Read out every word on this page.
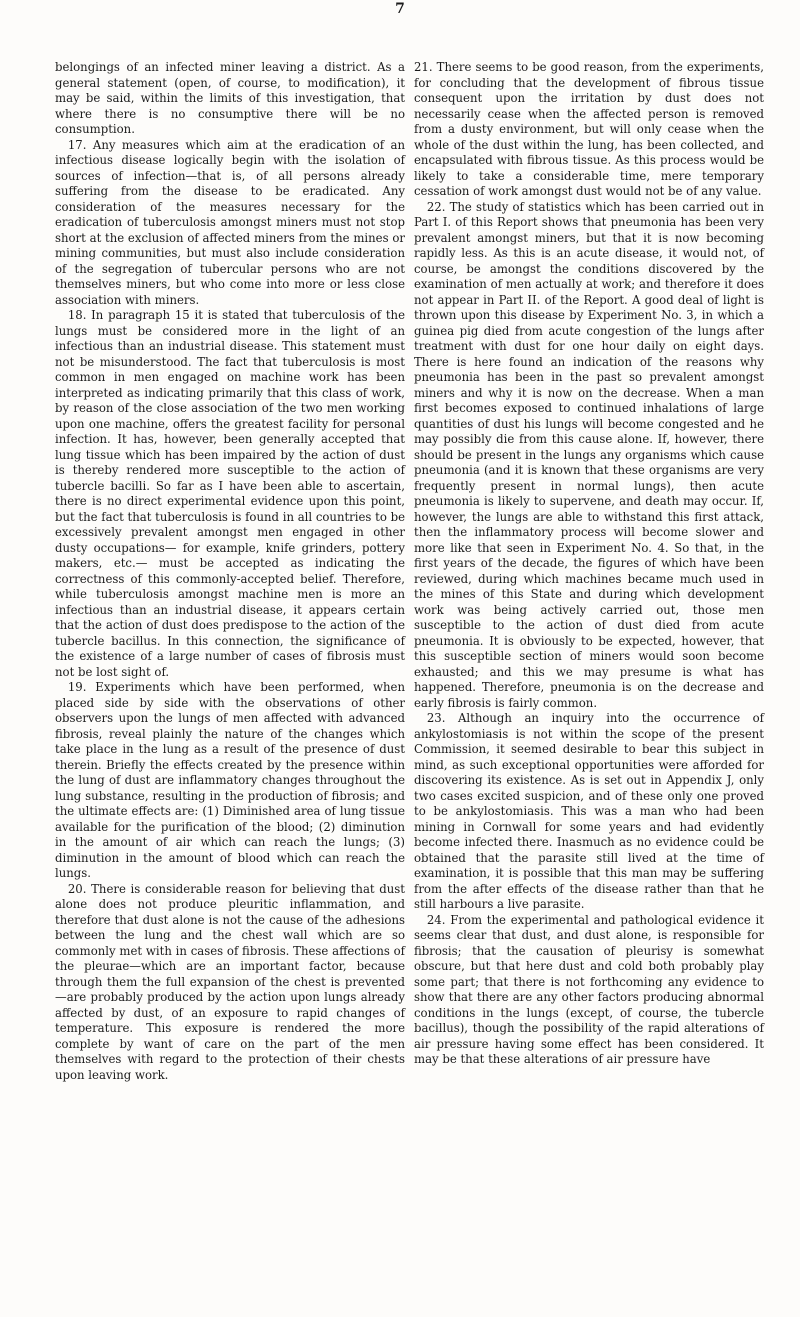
7

belongings of an infected miner leaving a district. As a general statement (open, of course, to modification), it may be said, within the limits of this investigation, that where there is no consumptive there will be no consumption.

17. Any measures which aim at the eradication of an infectious disease logically begin with the isolation of sources of infection—that is, of all persons already suffering from the disease to be eradicated. Any consideration of the measures necessary for the eradication of tuberculosis amongst miners must not stop short at the exclusion of affected miners from the mines or mining communities, but must also include consideration of the segregation of tubercular persons who are not themselves miners, but who come into more or less close association with miners.

18. In paragraph 15 it is stated that tuberculosis of the lungs must be considered more in the light of an infectious than an industrial disease. This statement must not be misunderstood. The fact that tuberculosis is most common in men engaged on machine work has been interpreted as indicating primarily that this class of work, by reason of the close association of the two men working upon one machine, offers the greatest facility for personal infection. It has, however, been generally accepted that lung tissue which has been impaired by the action of dust is thereby rendered more susceptible to the action of tubercle bacilli. So far as I have been able to ascertain, there is no direct experimental evidence upon this point, but the fact that tuberculosis is found in all countries to be excessively prevalent amongst men engaged in other dusty occupations— for example, knife grinders, pottery makers, etc.— must be accepted as indicating the correctness of this commonly-accepted belief. Therefore, while tuberculosis amongst machine men is more an infectious than an industrial disease, it appears certain that the action of dust does predispose to the action of the tubercle bacillus. In this connection, the significance of the existence of a large number of cases of fibrosis must not be lost sight of.

19. Experiments which have been performed, when placed side by side with the observations of other observers upon the lungs of men affected with advanced fibrosis, reveal plainly the nature of the changes which take place in the lung as a result of the presence of dust therein. Briefly the effects created by the presence within the lung of dust are inflammatory changes throughout the lung substance, resulting in the production of fibrosis; and the ultimate effects are: (1) Diminished area of lung tissue available for the purification of the blood; (2) diminution in the amount of air which can reach the lungs; (3) diminution in the amount of blood which can reach the lungs.

20. There is considerable reason for believing that dust alone does not produce pleuritic inflammation, and therefore that dust alone is not the cause of the adhesions between the lung and the chest wall which are so commonly met with in cases of fibrosis. These affections of the pleurae—which are an important factor, because through them the full expansion of the chest is prevented—are probably produced by the action upon lungs already affected by dust, of an exposure to rapid changes of temperature. This exposure is rendered the more complete by want of care on the part of the men themselves with regard to the protection of their chests upon leaving work.

21. There seems to be good reason, from the experiments, for concluding that the development of fibrous tissue consequent upon the irritation by dust does not necessarily cease when the affected person is removed from a dusty environment, but will only cease when the whole of the dust within the lung, has been collected, and encapsulated with fibrous tissue. As this process would be likely to take a considerable time, mere temporary cessation of work amongst dust would not be of any value.

22. The study of statistics which has been carried out in Part I. of this Report shows that pneumonia has been very prevalent amongst miners, but that it is now becoming rapidly less. As this is an acute disease, it would not, of course, be amongst the conditions discovered by the examination of men actually at work; and therefore it does not appear in Part II. of the Report. A good deal of light is thrown upon this disease by Experiment No. 3, in which a guinea pig died from acute congestion of the lungs after treatment with dust for one hour daily on eight days. There is here found an indication of the reasons why pneumonia has been in the past so prevalent amongst miners and why it is now on the decrease. When a man first becomes exposed to continued inhalations of large quantities of dust his lungs will become congested and he may possibly die from this cause alone. If, however, there should be present in the lungs any organisms which cause pneumonia (and it is known that these organisms are very frequently present in normal lungs), then acute pneumonia is likely to supervene, and death may occur. If, however, the lungs are able to withstand this first attack, then the inflammatory process will become slower and more like that seen in Experiment No. 4. So that, in the first years of the decade, the figures of which have been reviewed, during which machines became much used in the mines of this State and during which development work was being actively carried out, those men susceptible to the action of dust died from acute pneumonia. It is obviously to be expected, however, that this susceptible section of miners would soon become exhausted; and this we may presume is what has happened. Therefore, pneumonia is on the decrease and early fibrosis is fairly common.

23. Although an inquiry into the occurrence of ankylostomiasis is not within the scope of the present Commission, it seemed desirable to bear this subject in mind, as such exceptional opportunities were afforded for discovering its existence. As is set out in Appendix J, only two cases excited suspicion, and of these only one proved to be ankylostomiasis. This was a man who had been mining in Cornwall for some years and had evidently become infected there. Inasmuch as no evidence could be obtained that the parasite still lived at the time of examination, it is possible that this man may be suffering from the after effects of the disease rather than that he still harbours a live parasite.

24. From the experimental and pathological evidence it seems clear that dust, and dust alone, is responsible for fibrosis; that the causation of pleurisy is somewhat obscure, but that here dust and cold both probably play some part; that there is not forthcoming any evidence to show that there are any other factors producing abnormal conditions in the lungs (except, of course, the tubercle bacillus), though the possibility of the rapid alterations of air pressure having some effect has been considered. It may be that these alterations of air pressure have
